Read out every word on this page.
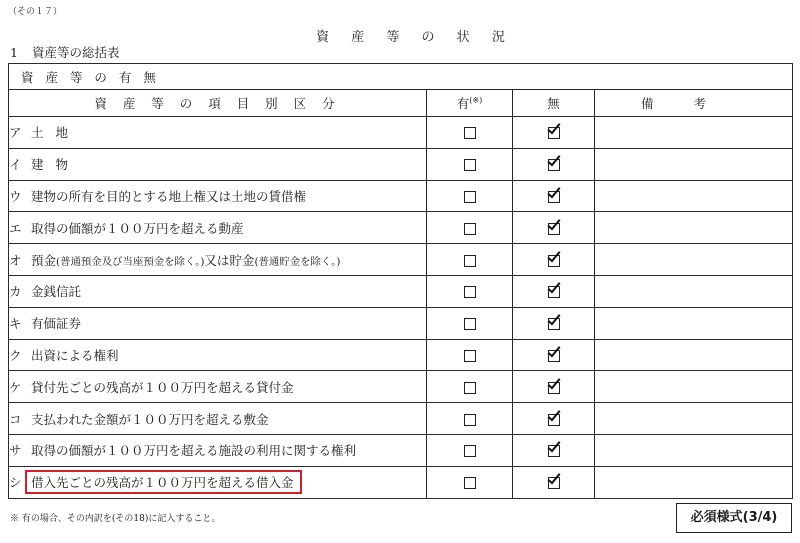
（その１７）
資 産 等 の 状 況
1 資産等の総括表
資 産 等 の 有 無			
資 産 等 の 項 目 別 区 分	有(※)	無	備考
ア 土地			
イ 建物			
ウ 建物の所有を目的とする地上権又は土地の賃借権			
エ 取得の価額が１００万円を超える動産			
オ 預金(普通預金及び当座預金を除く。)又は貯金(普通貯金を除く。)			
カ 金銭信託			
キ 有価証券			
ク 出資による権利			
ケ 貸付先ごとの残高が１００万円を超える貸付金			
コ 支払われた金額が１００万円を超える敷金			
サ 取得の価額が１００万円を超える施設の利用に関する権利			
シ 借入先ごとの残高が１００万円を超える借入金			
※ 有の場合、その内訳を(その18)に記入すること。	必須様式(3/4)
